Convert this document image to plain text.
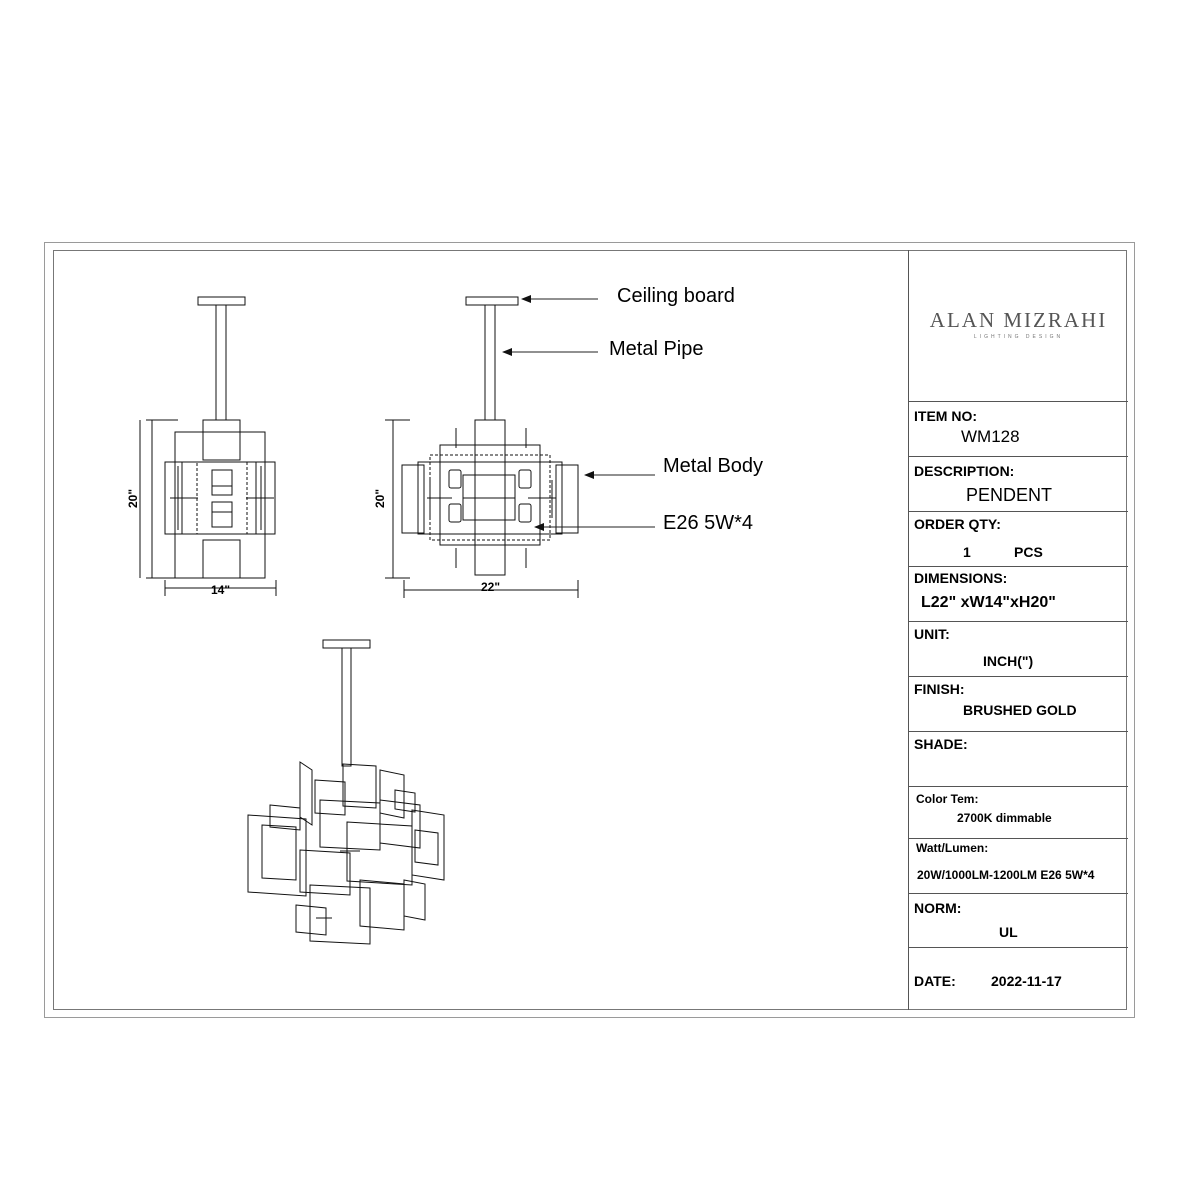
Ceiling board
Metal Pipe
Metal Body
E26 5W*4
20"
14"
20"
22"
ALAN MIZRAHI
LIGHTING DESIGN
ITEM NO:
WM128
DESCRIPTION:
PENDENT
ORDER QTY:
1	PCS
DIMENSIONS:
L22" xW14"xH20"
UNIT:
INCH(")
FINISH:
BRUSHED GOLD
SHADE:
Color Tem:
2700K dimmable
Watt/Lumen:
20W/1000LM-1200LM E26 5W*4
NORM:
UL
DATE:	2022-11-17
